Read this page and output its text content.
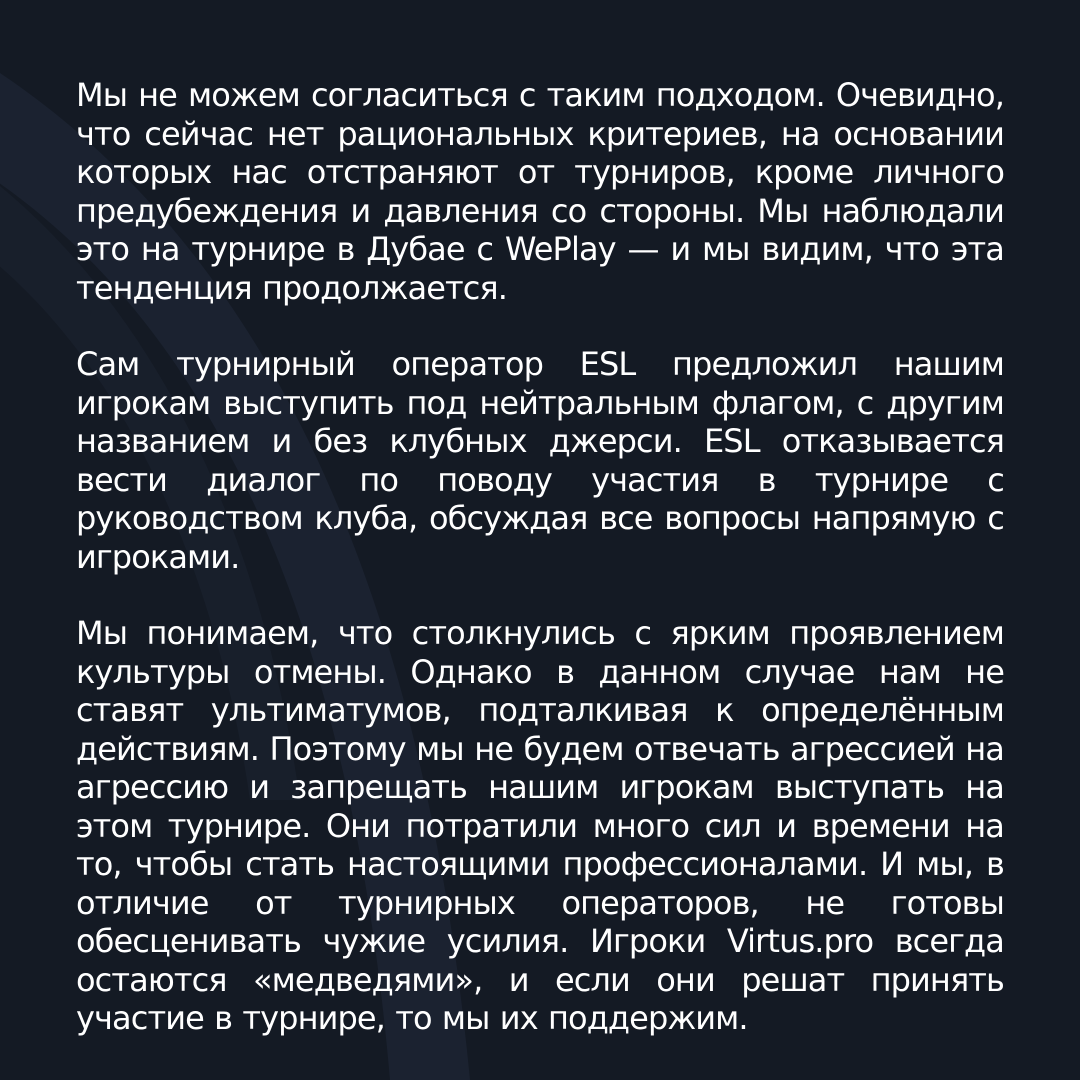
Мы не можем согласиться с таким подходом. Очевидно, что сейчас нет рациональных критериев, на основании которых нас отстраняют от турниров, кроме личного предубеждения и давления со стороны. Мы наблюдали это на турнире в Дубае с WePlay — и мы видим, что эта тенденция продолжается.

Сам турнирный оператор ESL предложил нашим игрокам выступить под нейтральным флагом, с другим названием и без клубных джерси. ESL отказывается вести диалог по поводу участия в турнире с руководством клуба, обсуждая все вопросы напрямую с игроками.

Мы понимаем, что столкнулись с ярким проявлением культуры отмены. Однако в данном случае нам не ставят ультиматумов, подталкивая к определённым действиям. Поэтому мы не будем отвечать агрессией на агрессию и запрещать нашим игрокам выступать на этом турнире. Они потратили много сил и времени на то, чтобы стать настоящими профессионалами. И мы, в отличие от турнирных операторов, не готовы обесценивать чужие усилия. Игроки Virtus.pro всегда остаются «медведями», и если они решат принять участие в турнире, то мы их поддержим.
